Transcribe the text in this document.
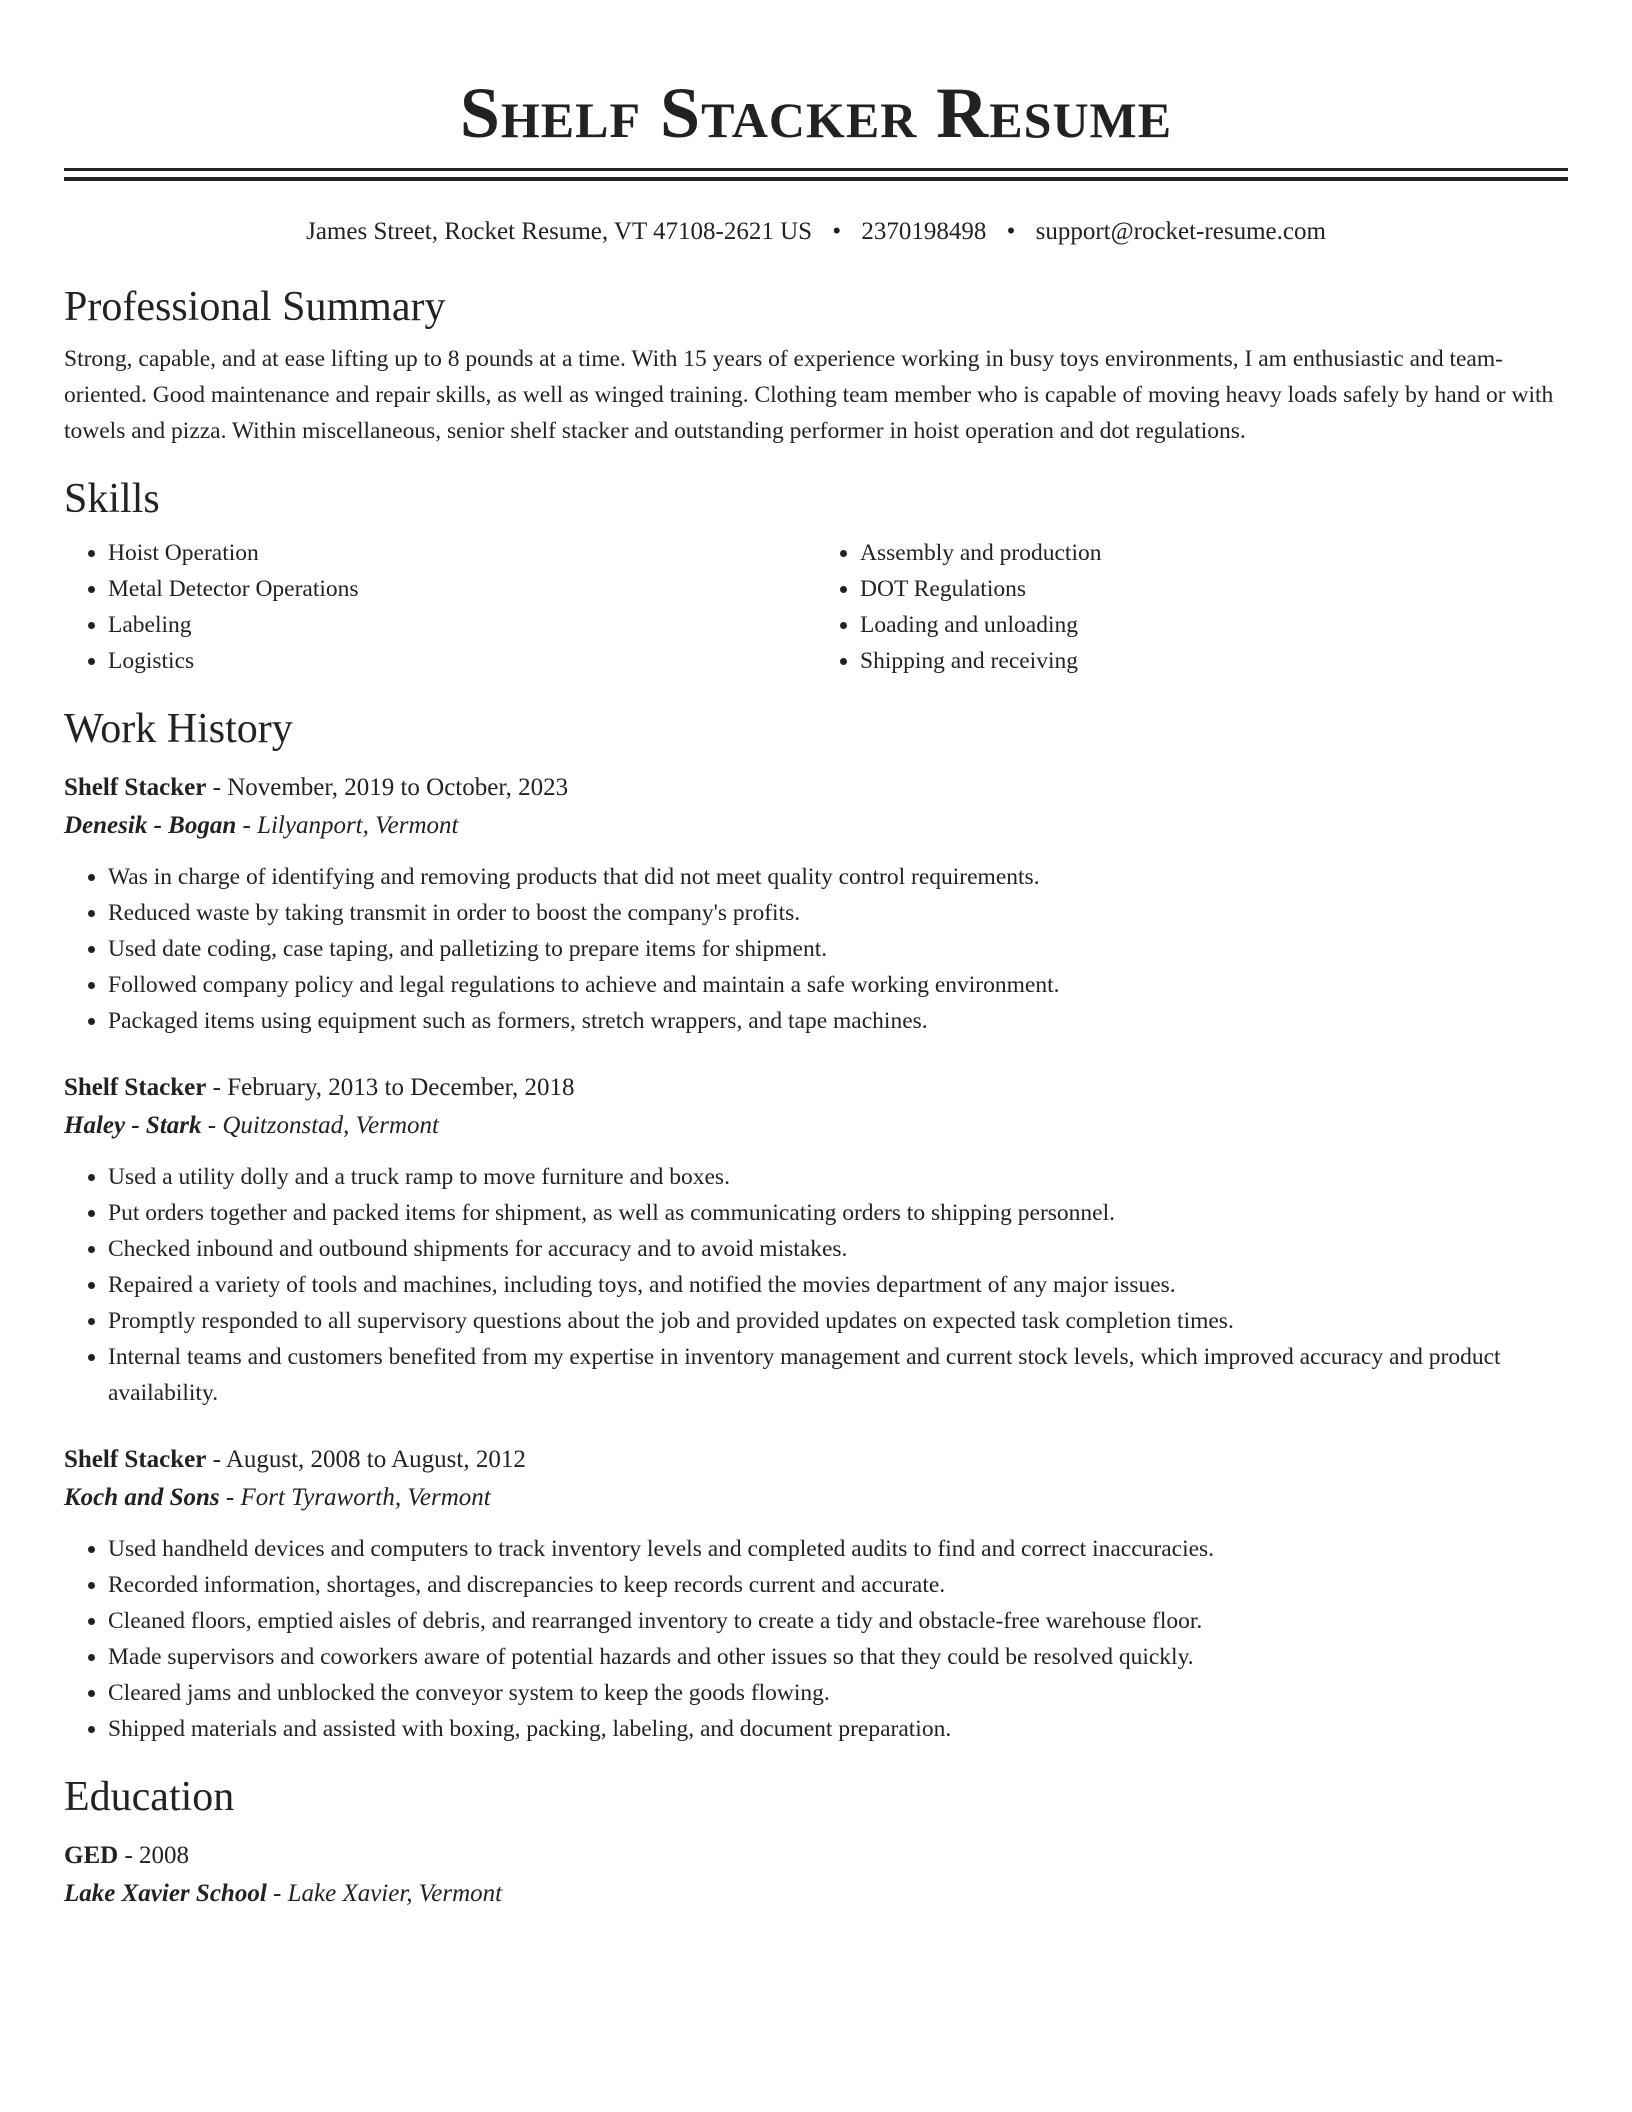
Shelf Stacker Resume
James Street, Rocket Resume, VT 47108-2621 US • 2370198498 • support@rocket-resume.com
Professional Summary
Strong, capable, and at ease lifting up to 8 pounds at a time. With 15 years of experience working in busy toys environments, I am enthusiastic and team-oriented. Good maintenance and repair skills, as well as winged training. Clothing team member who is capable of moving heavy loads safely by hand or with towels and pizza. Within miscellaneous, senior shelf stacker and outstanding performer in hoist operation and dot regulations.
Skills
• Hoist Operation
• Metal Detector Operations
• Labeling
• Logistics
• Assembly and production
• DOT Regulations
• Loading and unloading
• Shipping and receiving
Work History
Shelf Stacker - November, 2019 to October, 2023
Denesik - Bogan - Lilyanport, Vermont
• Was in charge of identifying and removing products that did not meet quality control requirements.
• Reduced waste by taking transmit in order to boost the company's profits.
• Used date coding, case taping, and palletizing to prepare items for shipment.
• Followed company policy and legal regulations to achieve and maintain a safe working environment.
• Packaged items using equipment such as formers, stretch wrappers, and tape machines.
Shelf Stacker - February, 2013 to December, 2018
Haley - Stark - Quitzonstad, Vermont
• Used a utility dolly and a truck ramp to move furniture and boxes.
• Put orders together and packed items for shipment, as well as communicating orders to shipping personnel.
• Checked inbound and outbound shipments for accuracy and to avoid mistakes.
• Repaired a variety of tools and machines, including toys, and notified the movies department of any major issues.
• Promptly responded to all supervisory questions about the job and provided updates on expected task completion times.
• Internal teams and customers benefited from my expertise in inventory management and current stock levels, which improved accuracy and product availability.
Shelf Stacker - August, 2008 to August, 2012
Koch and Sons - Fort Tyraworth, Vermont
• Used handheld devices and computers to track inventory levels and completed audits to find and correct inaccuracies.
• Recorded information, shortages, and discrepancies to keep records current and accurate.
• Cleaned floors, emptied aisles of debris, and rearranged inventory to create a tidy and obstacle-free warehouse floor.
• Made supervisors and coworkers aware of potential hazards and other issues so that they could be resolved quickly.
• Cleared jams and unblocked the conveyor system to keep the goods flowing.
• Shipped materials and assisted with boxing, packing, labeling, and document preparation.
Education
GED - 2008
Lake Xavier School - Lake Xavier, Vermont
